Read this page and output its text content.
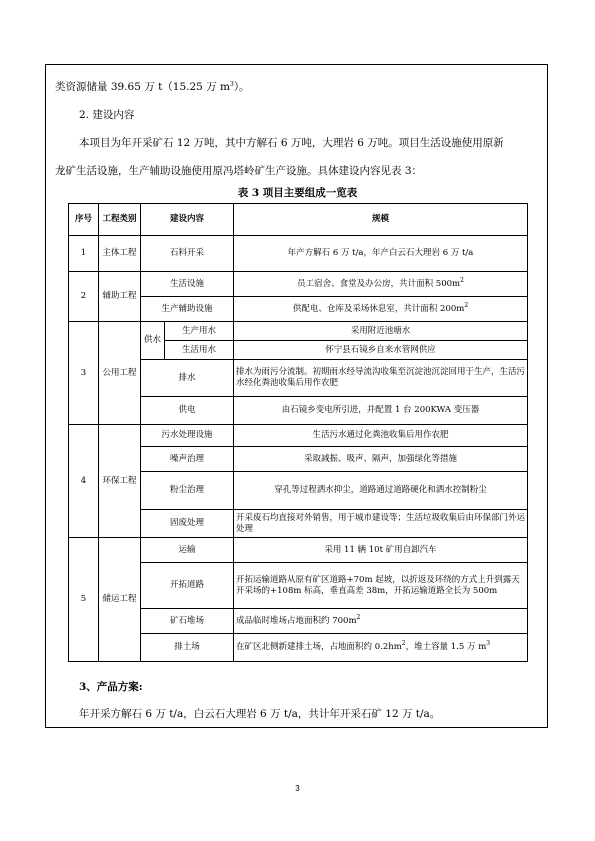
类资源储量 39.65 万 t（15.25 万 $m^3$）。
2. 建设内容
本项目为年开采矿石 12 万吨，其中方解石 6 万吨，大理岩 6 万吨。项目生活设施使用原新
龙矿生活设施，生产辅助设施使用原冯塔岭矿生产设施。具体建设内容见表 3：
表 3 项目主要组成一览表
序号	工程类别	建设内容		规模
1	主体工程	石料开采		年产方解石 6 万 t/a，年产白云石大理岩 6 万 t/a
2	辅助工程	生活设施		员工宿舍、食堂及办公房，共计面积 $500m^2$
		生产辅助设施		供配电、仓库及采场休息室，共计面积 $200m^2$
3	公用工程	供水	生产用水	采用附近池塘水
			生活用水	怀宁县石镜乡自来水管网供应
		排水		排水为雨污分流制。初期雨水经导流沟收集至沉淀池沉淀回用于生产，生活污水经化粪池收集后用作农肥
		供电		由石镜乡变电所引进，并配置 1 台 200KWA 变压器
4	环保工程	污水处理设施		生活污水通过化粪池收集后用作农肥
		噪声治理		采取减振、吸声、隔声，加强绿化等措施
		粉尘治理		穿孔等过程洒水抑尘，道路通过道路硬化和洒水控制粉尘
		固废处理		开采废石均直接对外销售，用于城市建设等；生活垃圾收集后由环保部门外运处理
5	储运工程	运输		采用 11 辆 10t 矿用自卸汽车
		开拓道路		开拓运输道路从原有矿区道路+70m 起坡，以折返及环绕的方式上升到露天开采场的+108m 标高，垂直高差 38m，开拓运输道路全长为 500m
		矿石堆场		成品临时堆场占地面积约 $700m^2$
		排土场		在矿区北侧新建排土场，占地面积约 $0.2hm^2$，堆土容量 1.5 万 $m^3$
3、产品方案:
年开采方解石 6 万 t/a，白云石大理岩 6 万 t/a，共计年开采石矿 12 万 t/a。
3
